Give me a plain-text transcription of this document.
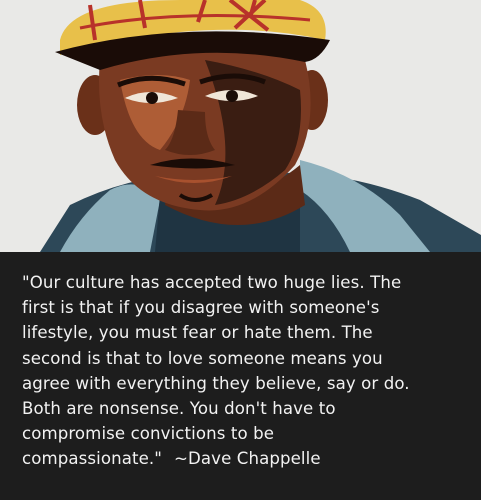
"Our culture has accepted two huge lies. The
first is that if you disagree with someone's
lifestyle, you must fear or hate them. The
second is that to love someone means you
agree with everything they believe, say or do.
Both are nonsense. You don't have to
compromise convictions to be
compassionate." ~Dave Chappelle
